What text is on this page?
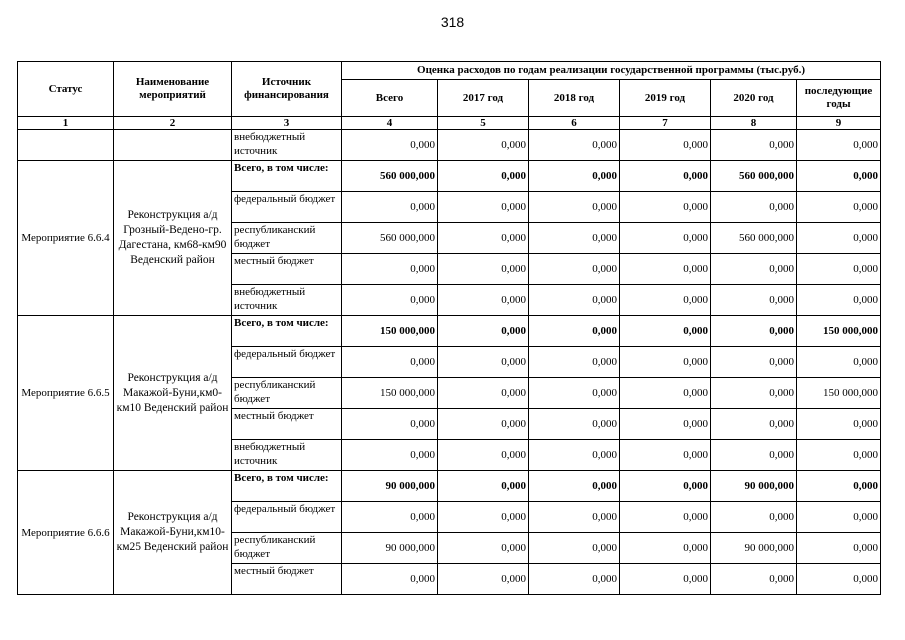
318
Статус	Наименование мероприятий	Источник финансирования	Оценка расходов по годам реализации государственной программы (тыс.руб.)					
			Всего	2017 год	2018 год	2019 год	2020 год	последующие годы
1	2	3	4	5	6	7	8	9
		внебюджетный источник	0,000	0,000	0,000	0,000	0,000	0,000
Мероприятие 6.6.4	Реконструкция а/д Грозный-Ведено-гр. Дагестана, км68-км90 Веденский район	Всего, в том числе:	560 000,000	0,000	0,000	0,000	560 000,000	0,000
		федеральный бюджет	0,000	0,000	0,000	0,000	0,000	0,000
		республиканский бюджет	560 000,000	0,000	0,000	0,000	560 000,000	0,000
		местный бюджет	0,000	0,000	0,000	0,000	0,000	0,000
		внебюджетный источник	0,000	0,000	0,000	0,000	0,000	0,000
Мероприятие 6.6.5	Реконструкция а/д Макажой-Буни,км0-км10 Веденский район	Всего, в том числе:	150 000,000	0,000	0,000	0,000	0,000	150 000,000
		федеральный бюджет	0,000	0,000	0,000	0,000	0,000	0,000
		республиканский бюджет	150 000,000	0,000	0,000	0,000	0,000	150 000,000
		местный бюджет	0,000	0,000	0,000	0,000	0,000	0,000
		внебюджетный источник	0,000	0,000	0,000	0,000	0,000	0,000
Мероприятие 6.6.6	Реконструкция а/д Макажой-Буни,км10-км25 Веденский район	Всего, в том числе:	90 000,000	0,000	0,000	0,000	90 000,000	0,000
		федеральный бюджет	0,000	0,000	0,000	0,000	0,000	0,000
		республиканский бюджет	90 000,000	0,000	0,000	0,000	90 000,000	0,000
		местный бюджет	0,000	0,000	0,000	0,000	0,000	0,000
